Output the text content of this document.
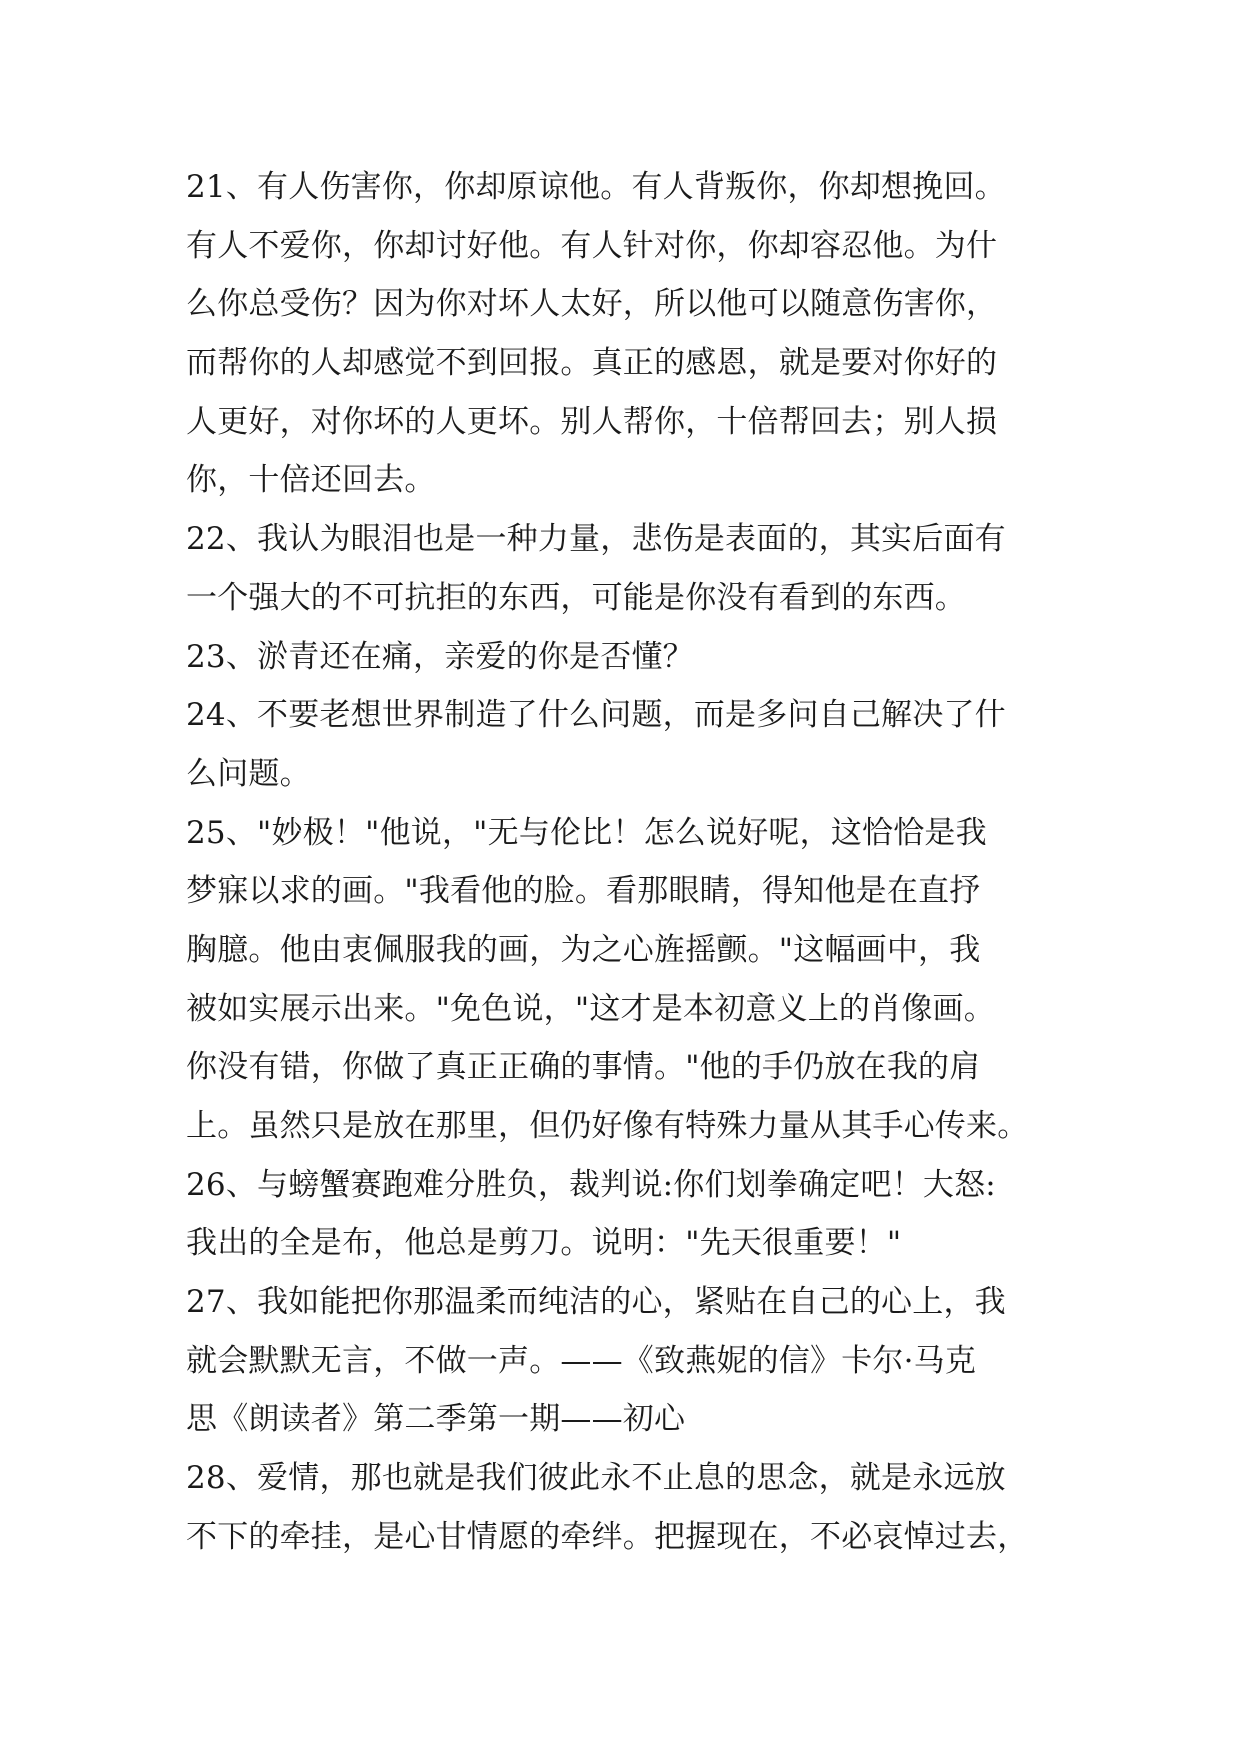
21、有人伤害你，你却原谅他。有人背叛你，你却想挽回。
有人不爱你，你却讨好他。有人针对你，你却容忍他。为什
么你总受伤？因为你对坏人太好，所以他可以随意伤害你，
而帮你的人却感觉不到回报。真正的感恩，就是要对你好的
人更好，对你坏的人更坏。别人帮你，十倍帮回去；别人损
你，十倍还回去。
22、我认为眼泪也是一种力量，悲伤是表面的，其实后面有
一个强大的不可抗拒的东西，可能是你没有看到的东西。
23、淤青还在痛，亲爱的你是否懂？
24、不要老想世界制造了什么问题，而是多问自己解决了什
么问题。
25、"妙极！"他说，"无与伦比！怎么说好呢，这恰恰是我
梦寐以求的画。"我看他的脸。看那眼睛，得知他是在直抒
胸臆。他由衷佩服我的画，为之心旌摇颤。"这幅画中，我
被如实展示出来。"免色说，"这才是本初意义上的肖像画。
你没有错，你做了真正正确的事情。"他的手仍放在我的肩
上。虽然只是放在那里，但仍好像有特殊力量从其手心传来。
26、与螃蟹赛跑难分胜负，裁判说:你们划拳确定吧！大怒:
我出的全是布，他总是剪刀。说明："先天很重要！"
27、我如能把你那温柔而纯洁的心，紧贴在自己的心上，我
就会默默无言，不做一声。——《致燕妮的信》卡尔·马克
思《朗读者》第二季第一期——初心
28、爱情，那也就是我们彼此永不止息的思念，就是永远放
不下的牵挂，是心甘情愿的牵绊。把握现在，不必哀悼过去，
